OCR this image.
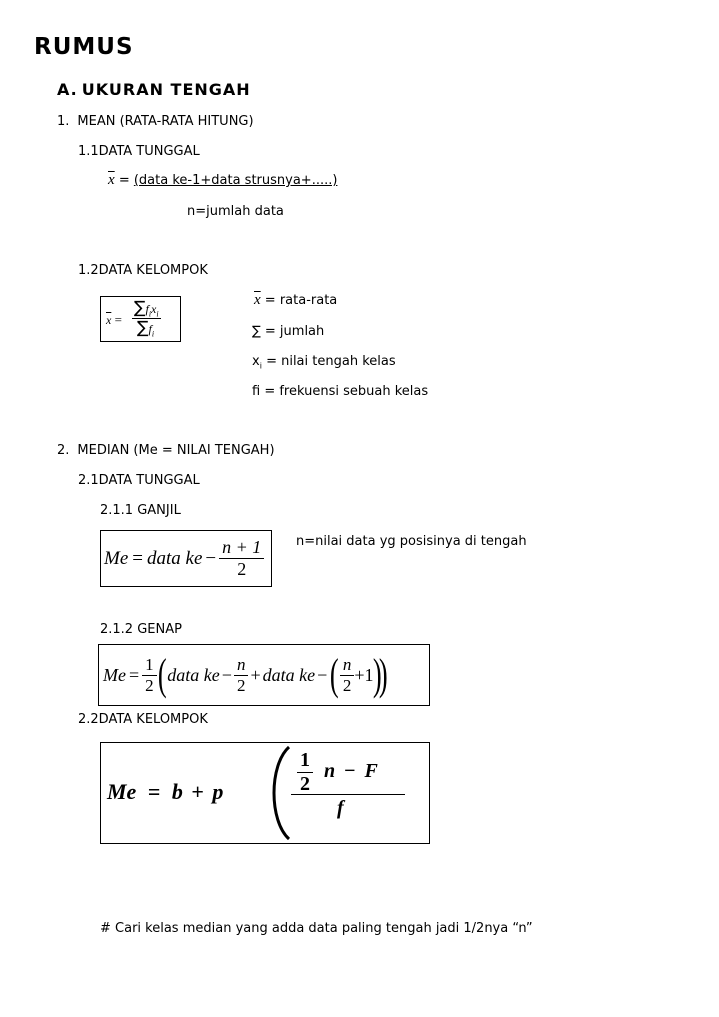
RUMUS
A. UKURAN TENGAH
1. MEAN (RATA-RATA HITUNG)
1.1DATA TUNGGAL
$\overline{x}$ = (data ke-1+data strusnya+.....)
n=jumlah data
1.2DATA KELOMPOK
$\overline{x}$ =
$\sum f_ix_i$
$\sum f_i$
$\overline{x}$ = rata-rata
∑ = jumlah
$x_i$ = nilai tengah kelas
fi = frekuensi sebuah kelas
2. MEDIAN (Me = NILAI TENGAH)
2.1DATA TUNGGAL
2.1.1 GANJIL
Me = data ke − $\frac{n + 1}{2}$ n=nilai data yg posisinya di tengah
2.1.2 GENAP
$Me = \frac{1}{2}$ ( data ke − $\frac{n}{2}$ + data ke − ( $\frac{n}{2} +1$
)
)
2.2DATA KELOMPOK
Me = b + p	$\frac{1}{2}$ n − F
f
# Cari kelas median yang adda data paling tengah jadi 1/2nya “n”
